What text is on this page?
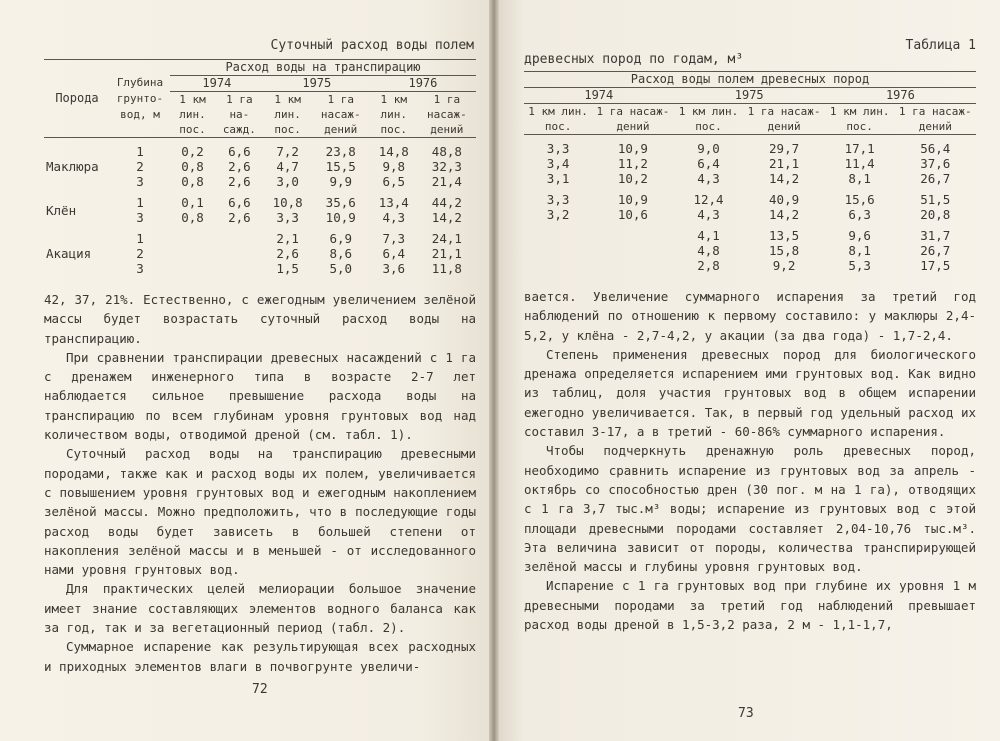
Суточный расход воды полем
Порода	Глубина грунто-вод, м	Расход воды на транспирацию					
		1974		1975		1976	
		1 км лин. пос.	1 га на-сажд.	1 км лин. пос.	1 га насаж-дений	1 км лин. пос.	1 га насаж-дений

Маклюра	1	0,2	6,6	7,2	23,8	14,8	48,8
	2	0,8	2,6	4,7	15,5	9,8	32,3
	3	0,8	2,6	3,0	9,9	6,5	21,4

Клён	1	0,1	6,6	10,8	35,6	13,4	44,2
	3	0,8	2,6	3,3	10,9	4,3	14,2

Акация	1			2,1	6,9	7,3	24,1
	2			2,6	8,6	6,4	21,1
	3			1,5	5,0	3,6	11,8

42, 37, 21%. Естественно, с ежегодным увеличением зелёной массы будет возрастать суточный расход воды на транспирацию.

При сравнении транспирации древесных насаждений с 1 га с дренажем инженерного типа в возрасте 2-7 лет наблюдается сильное превышение расхода воды на транспирацию по всем глубинам уровня грунтовых вод над количеством воды, отводимой дреной (см. табл. 1).

Суточный расход воды на транспирацию древесными породами, также как и расход воды их полем, увеличивается с повышением уровня грунтовых вод и ежегодным накоплением зелёной массы. Можно предположить, что в последующие годы расход воды будет зависеть в большей степени от накопления зелёной массы и в меньшей - от исследованного нами уровня грунтовых вод.

Для практических целей мелиорации большое значение имеет знание составляющих элементов водного баланса как за год, так и за вегетационный период (табл. 2).

Суммарное испарение как результирующая всех расходных и приходных элементов влаги в почвогрунте увеличи-

72
древесных пород по годам, м³
Таблица 1
Расход воды полем древесных пород					
1974		1975		1976	
1 км лин. пос.	1 га насаж-дений	1 км лин. пос.	1 га насаж-дений	1 км лин. пос.	1 га насаж-дений

3,3	10,9	9,0	29,7	17,1	56,4
3,4	11,2	6,4	21,1	11,4	37,6
3,1	10,2	4,3	14,2	8,1	26,7

3,3	10,9	12,4	40,9	15,6	51,5
3,2	10,6	4,3	14,2	6,3	20,8

		4,1	13,5	9,6	31,7
		4,8	15,8	8,1	26,7
		2,8	9,2	5,3	17,5

вается. Увеличение суммарного испарения за третий год наблюдений по отношению к первому составило: у маклюры 2,4-5,2, у клёна - 2,7-4,2, у акации (за два года) - 1,7-2,4.

Степень применения древесных пород для биологического дренажа определяется испарением ими грунтовых вод. Как видно из таблиц, доля участия грунтовых вод в общем испарении ежегодно увеличивается. Так, в первый год удельный расход их составил 3-17, а в третий - 60-86% суммарного испарения.

Чтобы подчеркнуть дренажную роль древесных пород, необходимо сравнить испарение из грунтовых вод за апрель - октябрь со способностью дрен (30 пог. м на 1 га), отводящих с 1 га 3,7 тыс.м³ воды; испарение из грунтовых вод с этой площади древесными породами составляет 2,04-10,76 тыс.м³. Эта величина зависит от породы, количества транспирирующей зелёной массы и глубины уровня грунтовых вод.

Испарение с 1 га грунтовых вод при глубине их уровня 1 м древесными породами за третий год наблюдений превышает расход воды дреной в 1,5-3,2 раза, 2 м - 1,1-1,7,

73
